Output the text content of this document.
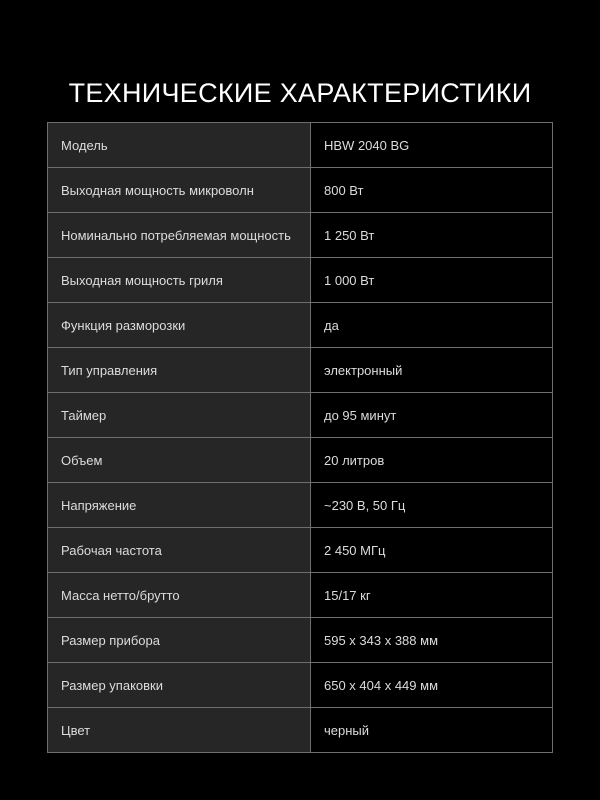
ТЕХНИЧЕСКИЕ ХАРАКТЕРИСТИКИ
Модель	HBW 2040 BG
Выходная мощность микроволн	800 Вт
Номинально потребляемая мощность	1 250 Вт
Выходная мощность гриля	1 000 Вт
Функция разморозки	да
Тип управления	электронный
Таймер	до 95 минут
Объем	20 литров
Напряжение	~230 В, 50 Гц
Рабочая частота	2 450 МГц
Масса нетто/брутто	15/17 кг
Размер прибора	595 x 343 x 388 мм
Размер упаковки	650 x 404 x 449 мм
Цвет	черный
